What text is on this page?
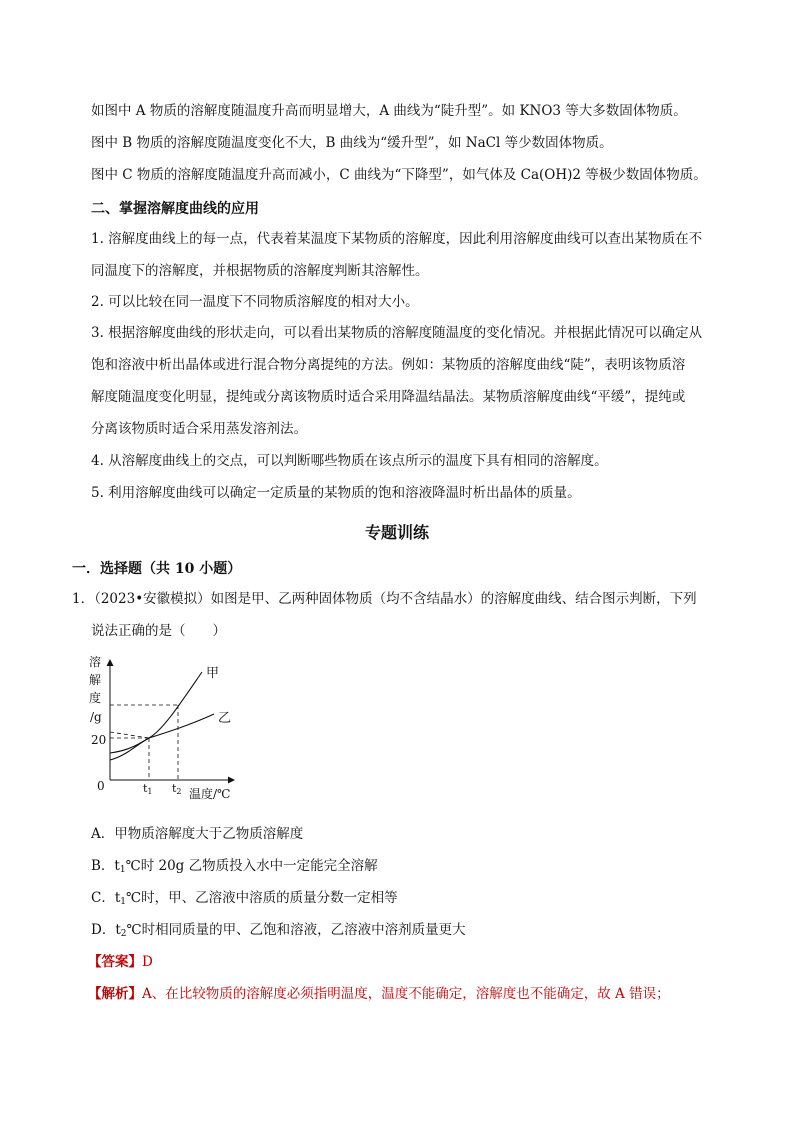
如图中 A 物质的溶解度随温度升高而明显增大，A 曲线为“陡升型”。如 KNO3 等大多数固体物质。
图中 B 物质的溶解度随温度变化不大，B 曲线为“缓升型”，如 NaCl 等少数固体物质。
图中 C 物质的溶解度随温度升高而减小，C 曲线为“下降型”，如气体及 Ca(OH)2 等极少数固体物质。
二、掌握溶解度曲线的应用
1. 溶解度曲线上的每一点，代表着某温度下某物质的溶解度，因此利用溶解度曲线可以查出某物质在不
同温度下的溶解度，并根据物质的溶解度判断其溶解性。
2. 可以比较在同一温度下不同物质溶解度的相对大小。
3. 根据溶解度曲线的形状走向，可以看出某物质的溶解度随温度的变化情况。并根据此情况可以确定从
饱和溶液中析出晶体或进行混合物分离提纯的方法。例如：某物质的溶解度曲线“陡”，表明该物质溶
解度随温度变化明显，提纯或分离该物质时适合采用降温结晶法。某物质溶解度曲线“平缓”，提纯或
分离该物质时适合采用蒸发溶剂法。
4. 从溶解度曲线上的交点，可以判断哪些物质在该点所示的温度下具有相同的溶解度。
5. 利用溶解度曲线可以确定一定质量的某物质的饱和溶液降温时析出晶体的质量。
专题训练
一．选择题（共 10 小题）
1．（2023•安徽模拟）如图是甲、乙两种固体物质（均不含结晶水）的溶解度曲线、结合图示判断，下列
说法正确的是（　　）
溶
解
度
/g
20
0	t1 t2 温度/℃
甲
乙
A．甲物质溶解度大于乙物质溶解度
B．$t_1℃$时 20g 乙物质投入水中一定能完全溶解
C．$t_1℃$时，甲、乙溶液中溶质的质量分数一定相等
D．$t_2℃$时相同质量的甲、乙饱和溶液，乙溶液中溶剂质量更大
【答案】D
【解析】A、在比较物质的溶解度必须指明温度，温度不能确定，溶解度也不能确定，故 A 错误；
